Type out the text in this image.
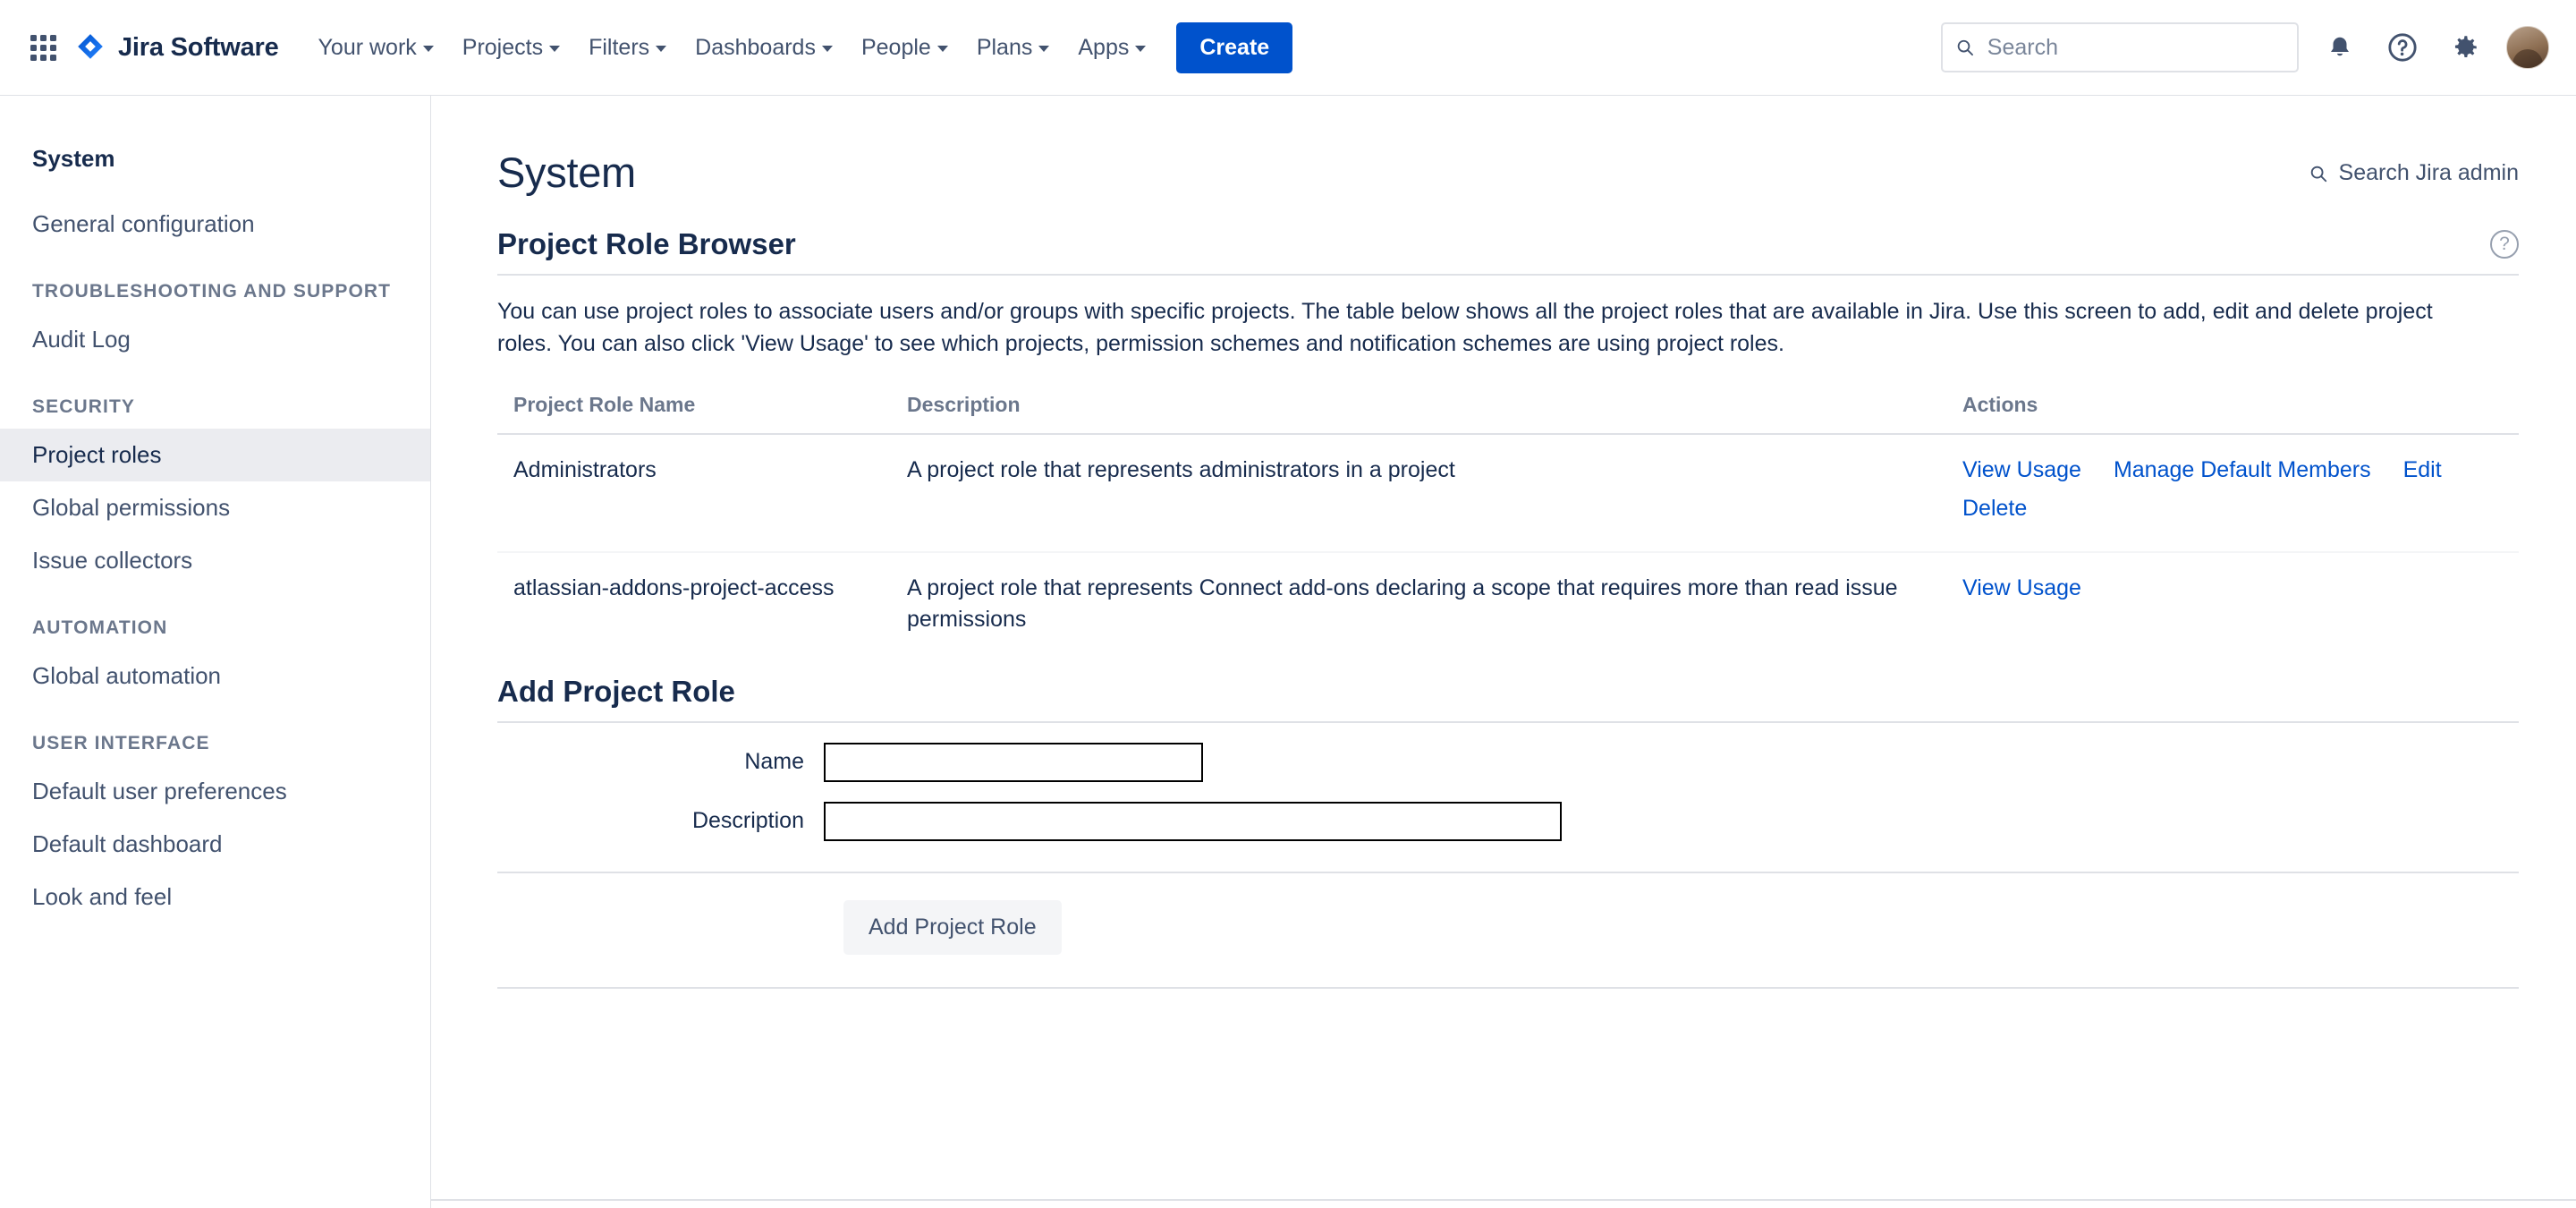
Jira Software Your work Projects Filters Dashboards People Plans Apps	Create
Search
System
General configuration
TROUBLESHOOTING AND SUPPORT
Audit Log
SECURITY
Project roles
Global permissions
Issue collectors
AUTOMATION
Global automation
USER INTERFACE
Default user preferences
Default dashboard
Look and feel
System	Search Jira admin
Project Role Browser	?

You can use project roles to associate users and/or groups with specific projects. The table below shows all the project roles that are available in Jira. Use this screen to add, edit and delete project roles. You can also click 'View Usage' to see which projects, permission schemes and notification schemes are using project roles.

Project Role Name	Description	Actions
Administrators	A project role that represents administrators in a project	View Usage Manage Default Members Edit
Delete

atlassian-addons-project-access	A project role that represents Connect add-ons declaring a scope that requires more than read issue permissions	View Usage
Add Project Role
Name
Description
Add Project Role
